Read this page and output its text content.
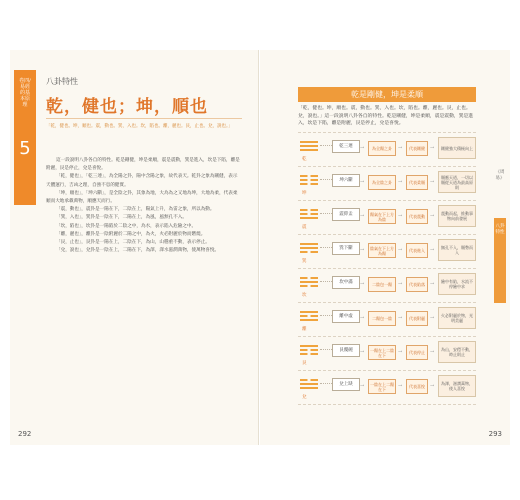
卷四/易經的基本原理
5
八卦特性
乾，健也；坤，順也
「乾，健也。坤，順也。震，動也。巽，入也。坎，陷也。離，麗也。艮，止也。兌，說也。」

這一段說明八卦各自的特性。乾是剛健，坤是柔順，震是震動，巽是進入，坎是下陷，離是附麗，艮是停止，兌是喜悅。

「乾，健也」，「乾三連」，為全陽之卦，陽中含陽之象，故代表天。乾卦之象為剛健，表示天體運行，吉凶之理，自強不息的健實。

「坤，順也」，「坤六斷」，是全陰之卦，其象為地，大為為之又地為坤，大地為柔，代表柔順而大地承載萬物，順應天而行。

「震，動也」，震卦是一陽在下，二陰在上，陽氣上升，為雷之象，所以為動。

「巽，入也」，巽卦是一陰在下，二陽在上，為風，風無孔不入。

「坎，陷也」，坎卦是一陽陷於二陰之中，為水，表示陷入危險之中。

「離，麗也」，離卦是一陰附麗於二陽之中，為火，火必附麗於物而燃燒。

「艮，止也」，艮卦是一陽在上，二陰在下，為山，山穩重不動，表示停止。

「兌，說也」，兌卦是一陰在上，二陽在下，為澤，澤水滋潤萬物，使萬物喜悅。

292
乾是剛健，坤是柔順
「乾，健也。坤，順也。震，動也。巽，入也。坎，陷也。離，麗也。艮，止也。兌，說也。」這一段說明八卦各自的特性。乾是剛健，坤是柔順，震是震動，巽是進入，坎是下陷，離是附麗，艮是停止，兌是喜悅。
《周易》
八卦特性
乾
乾三連	為全陽之卦	代表剛健	剛健強大積極向上
→	→	→
坤
坤六斷	為全陰之卦	代表柔順
順應天道，一切以順從天道為最高原則
→	→	→
震
震仰盂	陽氣在下上方為陰	代表震動
震動而起，推動事物向前發展
→	→	→
巽
巽下斷	陰氣在下上方為陽	代表進入
無孔不入，順勢而入
→	→	→
坎
坎中滿	二陰包一陽	代表陷落
險中有陷，水流不停險中求
→	→	→
離
離中虛	二陽包一陰	代表附麗
火必附麗於物，光明美麗
→	→	→
艮
艮覆碗	一陽在上二陰在下	代表停止
為山，安穩不動，時止則止
→	→	→
兌
兌上缺	一陰在上二陽在下	代表喜悅
為澤，滋潤萬物，使人喜悅
→	→	→
293
